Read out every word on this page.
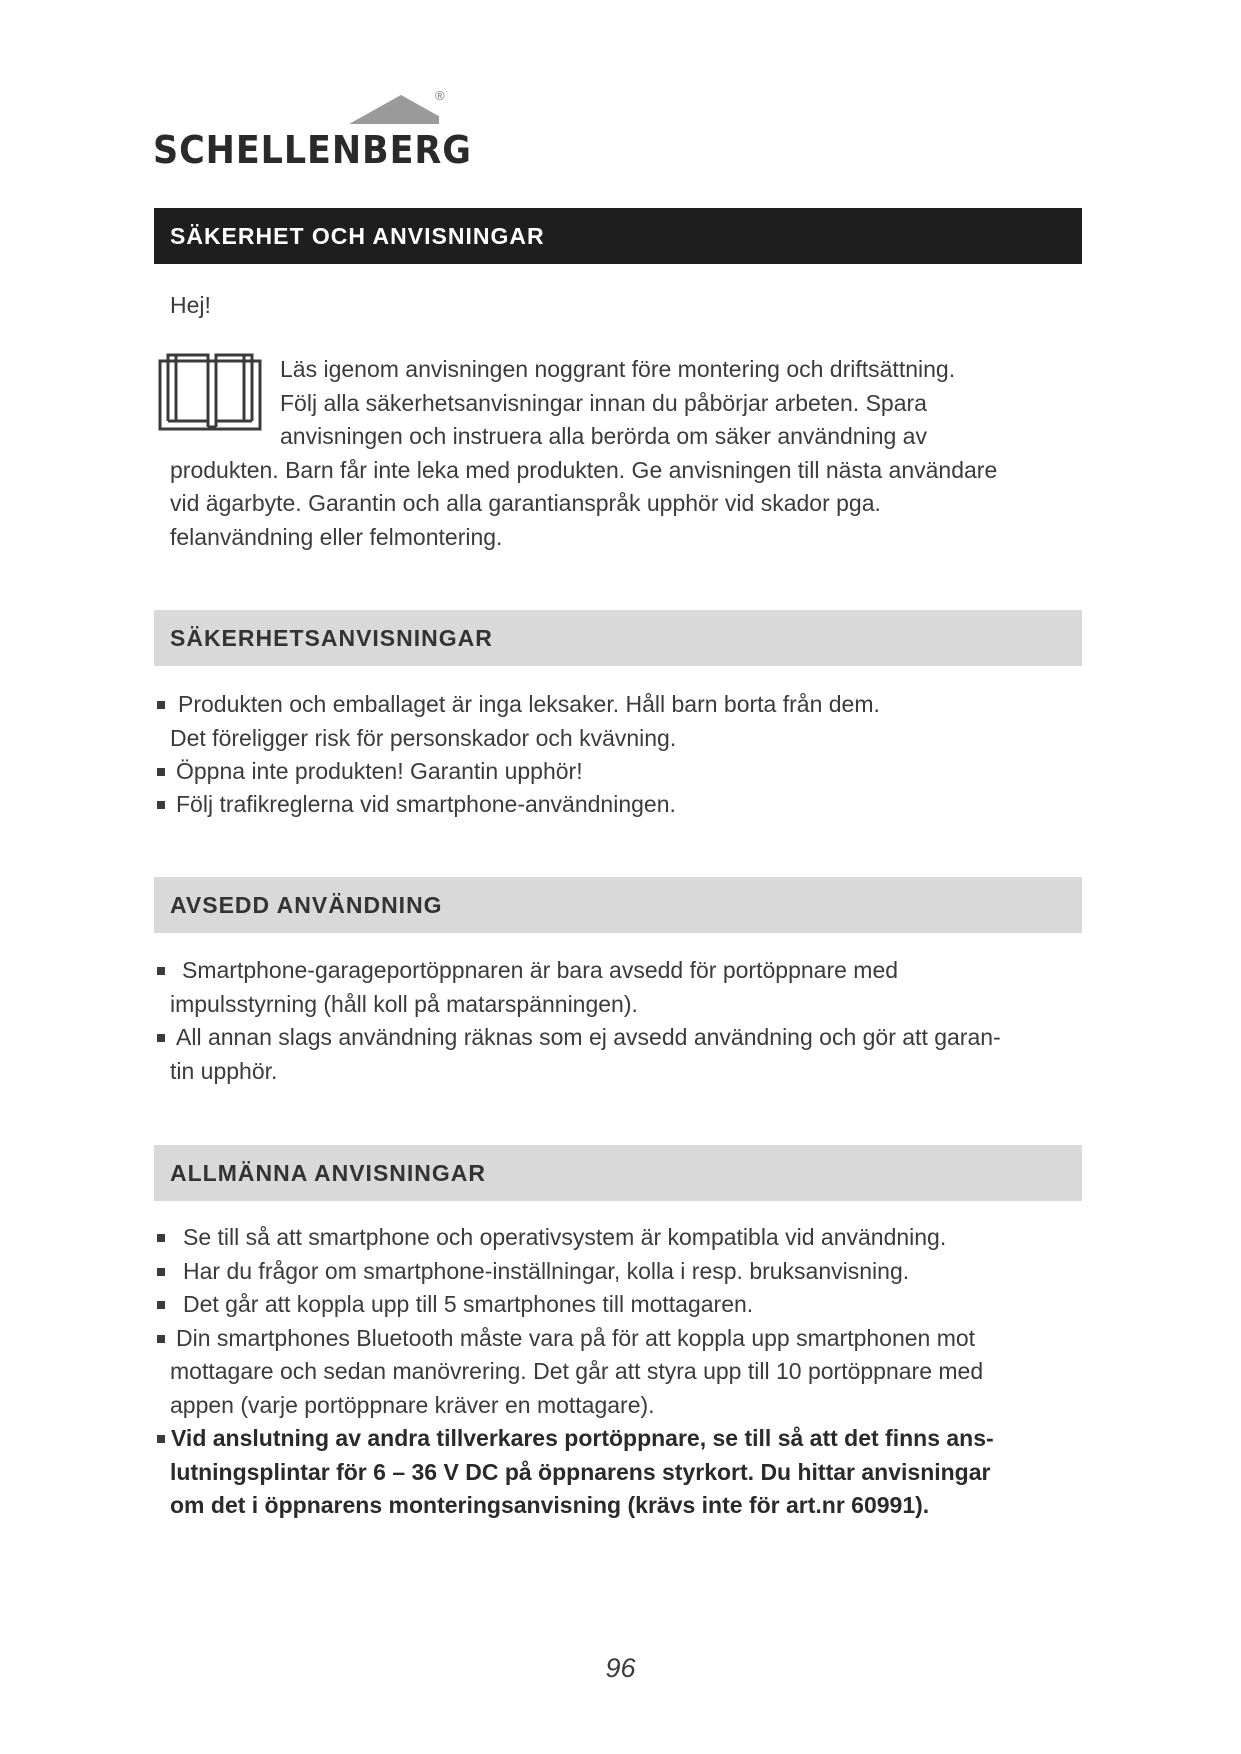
®
SCHELLENBERG
SÄKERHET OCH ANVISNINGAR
Hej!
Läs igenom anvisningen noggrant före montering och driftsättning.
Följ alla säkerhetsanvisningar innan du påbörjar arbeten. Spara
anvisningen och instruera alla berörda om säker användning av
produkten. Barn får inte leka med produkten. Ge anvisningen till nästa användare
vid ägarbyte. Garantin och alla garantianspråk upphör vid skador pga.
felanvändning eller felmontering.
SÄKERHETSANVISNINGAR
Produkten och emballaget är inga leksaker. Håll barn borta från dem.
Det föreligger risk för personskador och kvävning.
Öppna inte produkten! Garantin upphör!
Följ trafikreglerna vid smartphone-användningen.
AVSEDD ANVÄNDNING
Smartphone-garageportöppnaren är bara avsedd för portöppnare med
impulsstyrning (håll koll på matarspänningen).
All annan slags användning räknas som ej avsedd användning och gör att garan-
tin upphör.
ALLMÄNNA ANVISNINGAR
Se till så att smartphone och operativsystem är kompatibla vid användning.
Har du frågor om smartphone-inställningar, kolla i resp. bruksanvisning.
Det går att koppla upp till 5 smartphones till mottagaren.
Din smartphones Bluetooth måste vara på för att koppla upp smartphonen mot
mottagare och sedan manövrering. Det går att styra upp till 10 portöppnare med
appen (varje portöppnare kräver en mottagare).
Vid anslutning av andra tillverkares portöppnare, se till så att det finns ans-
lutningsplintar för 6 – 36 V DC på öppnarens styrkort. Du hittar anvisningar
om det i öppnarens monteringsanvisning (krävs inte för art.nr 60991).
96
